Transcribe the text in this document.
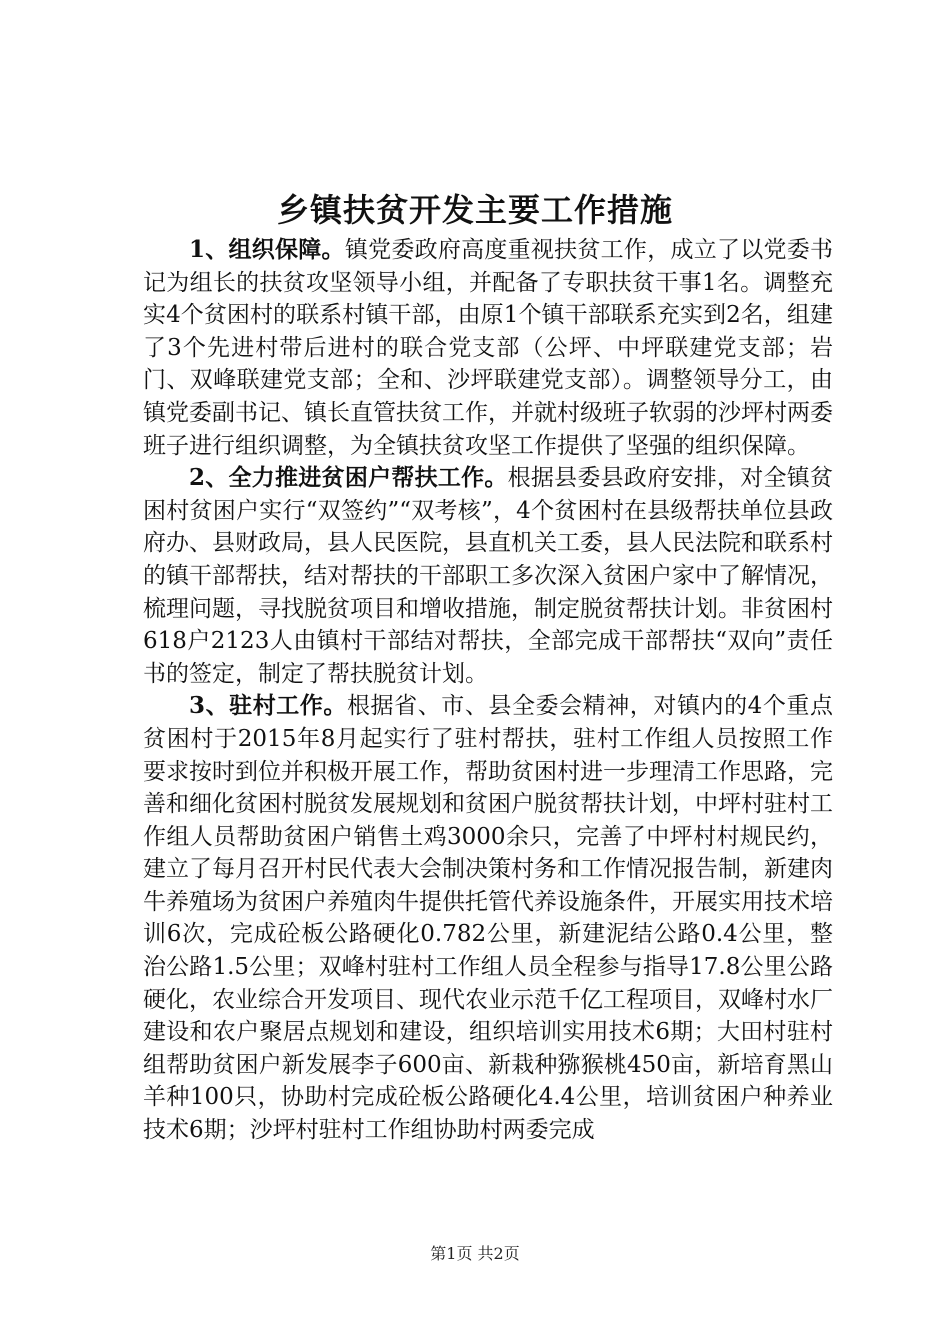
乡镇扶贫开发主要工作措施

1、组织保障。镇党委政府高度重视扶贫工作，成立了以党委书记为组长的扶贫攻坚领导小组，并配备了专职扶贫干事1名。调整充实4个贫困村的联系村镇干部，由原1个镇干部联系充实到2名，组建了3个先进村带后进村的联合党支部（公坪、中坪联建党支部；岩门、双峰联建党支部；全和、沙坪联建党支部）。调整领导分工，由镇党委副书记、镇长直管扶贫工作，并就村级班子软弱的沙坪村两委班子进行组织调整，为全镇扶贫攻坚工作提供了坚强的组织保障。

2、全力推进贫困户帮扶工作。根据县委县政府安排，对全镇贫困村贫困户实行“双签约”“双考核”，4个贫困村在县级帮扶单位县政府办、县财政局，县人民医院，县直机关工委，县人民法院和联系村的镇干部帮扶，结对帮扶的干部职工多次深入贫困户家中了解情况，梳理问题，寻找脱贫项目和增收措施，制定脱贫帮扶计划。非贫困村618户2123人由镇村干部结对帮扶，全部完成干部帮扶“双向”责任书的签定，制定了帮扶脱贫计划。

3、驻村工作。根据省、市、县全委会精神，对镇内的4个重点贫困村于2015年8月起实行了驻村帮扶，驻村工作组人员按照工作要求按时到位并积极开展工作，帮助贫困村进一步理清工作思路，完善和细化贫困村脱贫发展规划和贫困户脱贫帮扶计划，中坪村驻村工作组人员帮助贫困户销售土鸡3000余只，完善了中坪村村规民约，建立了每月召开村民代表大会制决策村务和工作情况报告制，新建肉牛养殖场为贫困户养殖肉牛提供托管代养设施条件，开展实用技术培训6次，完成砼板公路硬化0.782公里，新建泥结公路0.4公里，整治公路1.5公里；双峰村驻村工作组人员全程参与指导17.8公里公路硬化，农业综合开发项目、现代农业示范千亿工程项目，双峰村水厂建设和农户聚居点规划和建设，组织培训实用技术6期；大田村驻村组帮助贫困户新发展李子600亩、新栽种猕猴桃450亩，新培育黑山羊种100只，协助村完成砼板公路硬化4.4公里，培训贫困户种养业技术6期；沙坪村驻村工作组协助村两委完成

第1页 共2页
